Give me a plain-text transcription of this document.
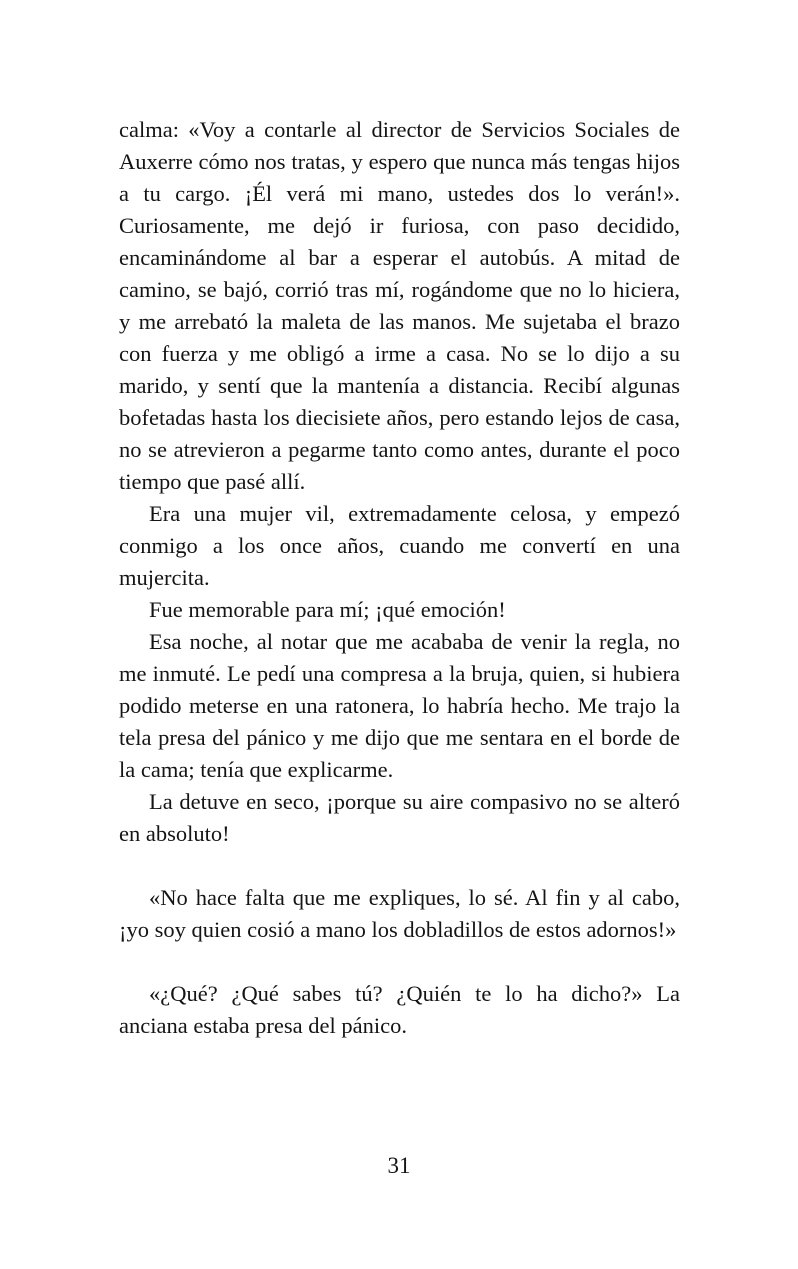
calma: «Voy a contarle al director de Servicios Sociales de Auxerre cómo nos tratas, y espero que nunca más tengas hijos a tu cargo. ¡Él verá mi mano, ustedes dos lo verán!». Curiosamente, me dejó ir furiosa, con paso decidido, encaminándome al bar a esperar el autobús. A mitad de camino, se bajó, corrió tras mí, rogándome que no lo hiciera, y me arrebató la maleta de las manos. Me sujetaba el brazo con fuerza y me obligó a irme a casa. No se lo dijo a su marido, y sentí que la mantenía a distancia. Recibí algunas bofetadas hasta los diecisiete años, pero estando lejos de casa, no se atrevieron a pegarme tanto como antes, durante el poco tiempo que pasé allí.

Era una mujer vil, extremadamente celosa, y empezó conmigo a los once años, cuando me convertí en una mujercita.

Fue memorable para mí; ¡qué emoción!

Esa noche, al notar que me acababa de venir la regla, no me inmuté. Le pedí una compresa a la bruja, quien, si hubiera podido meterse en una ratonera, lo habría hecho. Me trajo la tela presa del pánico y me dijo que me sentara en el borde de la cama; tenía que explicarme.

La detuve en seco, ¡porque su aire compasivo no se alteró en absoluto!

«No hace falta que me expliques, lo sé. Al fin y al cabo, ¡yo soy quien cosió a mano los dobladillos de estos adornos!»

«¿Qué? ¿Qué sabes tú? ¿Quién te lo ha dicho?» La anciana estaba presa del pánico.

31
